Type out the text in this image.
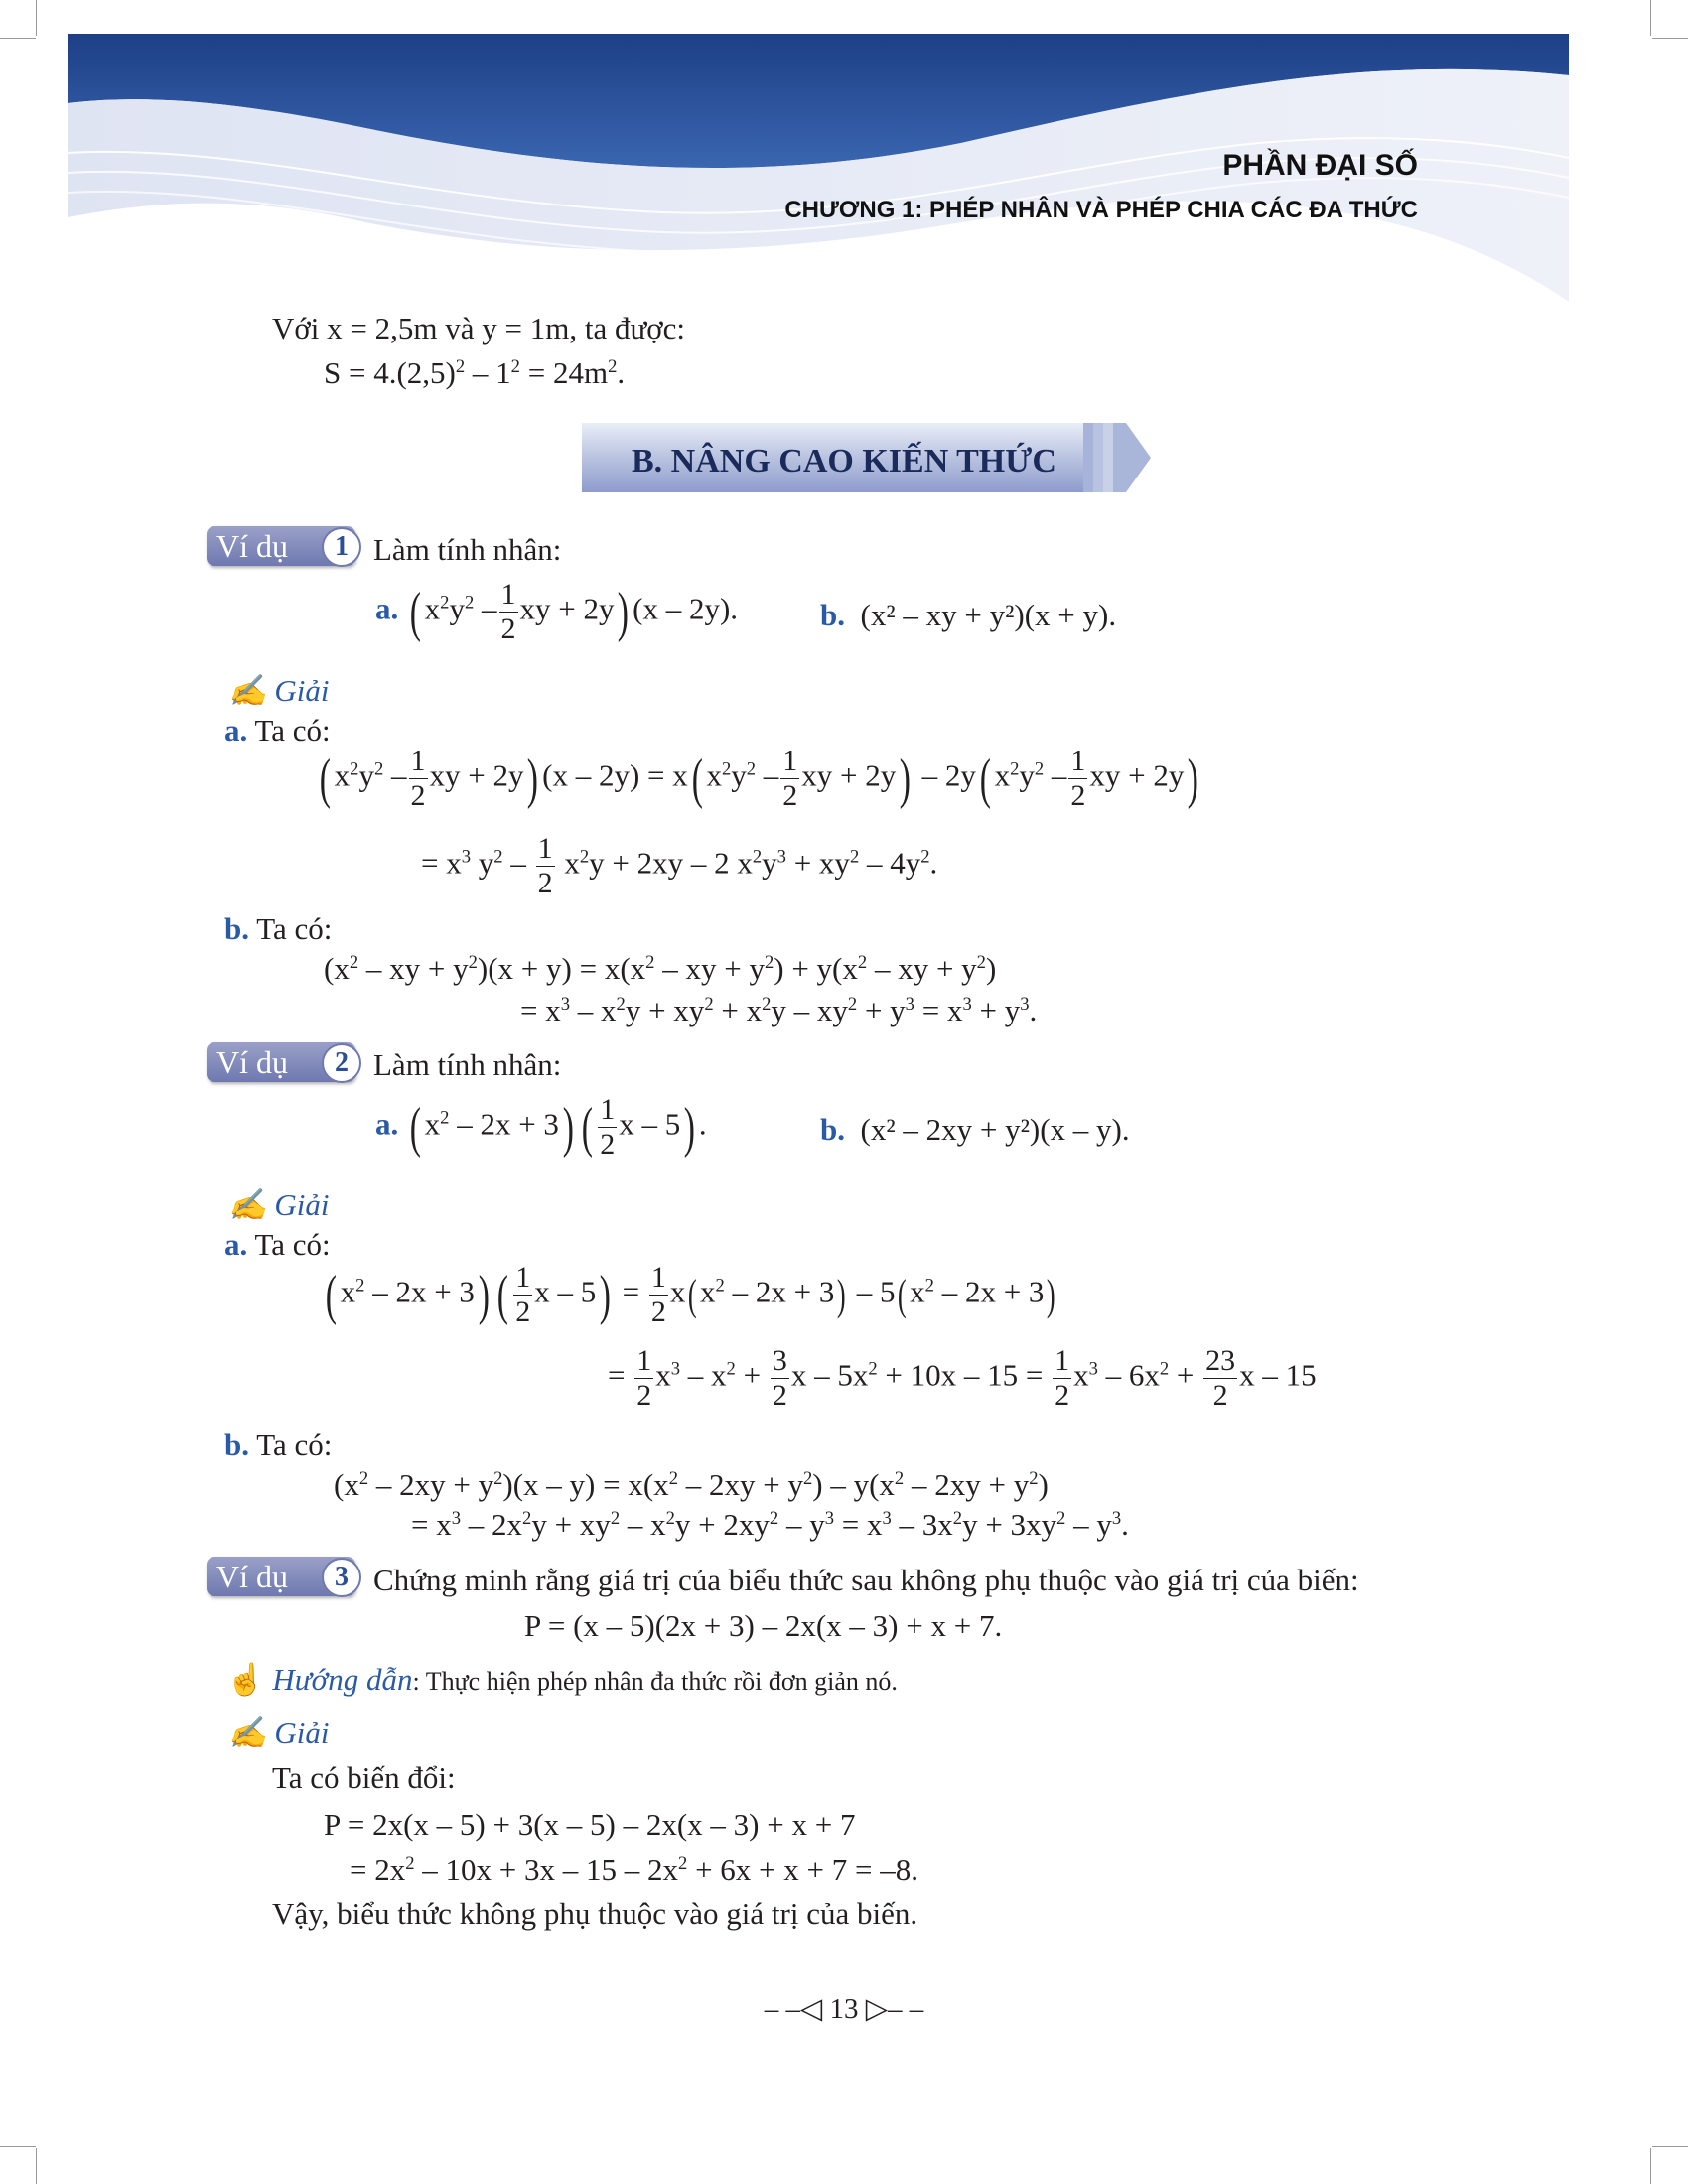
PHẦN ĐẠI SỐ
CHƯƠNG 1: PHÉP NHÂN VÀ PHÉP CHIA CÁC ĐA THỨC
Với x = 2,5m và y = 1m, ta được:
$S = 4.(2,5)^2 - 1^2 = 24m^2$.
B. NÂNG CAO KIẾN THỨC
Ví dụ	1 Làm tính nhân:
a. ( $x^2y^2 - \frac{1}{2}$ xy + 2y) (x – 2y).	b. (x² – xy + y²)(x + y).
✍ Giải
a. Ta có:
( $x^2y^2 - \frac{1}{2}$ xy + 2y) (x – 2y) = x( $x^2y^2 - \frac{1}{2}$ xy + 2y) – 2y( $x^2y^2 - \frac{1}{2}$ xy + 2y)
= $x^3$ $y^2 - \frac{1}{2} x^2y + 2xy - 2$ $x^2y^3 + xy^2 - 4y^2$.
b. Ta có:
($x^2$ – xy + $y^2)(x + y) = x(x^2$ – xy + $y^2) + y(x^2$ – xy + $y^2$)
= $x^3 - x^2y + xy^2 + x^2y - xy^2 + y^3 = x^3 + y^3$.
Ví dụ	2 Làm tính nhân:
a. ( $x^2 - 2x + 3$) ( $\frac{1}{2}$ x – 5) .	b. (x² – 2xy + y²)(x – y).
✍ Giải
a. Ta có:
( $x^2 - 2x + 3$) ( $\frac{1}{2}$ $x - 5) = \frac{1}{2} x(x^2 - 2x + 3) - 5(x^2 - 2x + 3)$
= $\frac{1}{2} x^3 - x^2 + \frac{3}{2}$ $x - 5x^2 + 10x - 15 = \frac{1}{2} x^3 - 6x^2 + \frac{23}{2}$ x – 15
b. Ta có:
$(x^2 - 2xy + y^2)(x - y) = x(x^2 - 2xy + y^2) - y(x^2 - 2xy + y^2)$
= $x^3 - 2x^2y + xy^2 - x^2y + 2xy^2 - y^3 = x^3 - 3x^2y + 3xy^2 - y^3$.
Ví dụ	3 Chứng minh rằng giá trị của biểu thức sau không phụ thuộc vào giá trị của biến:
P = (x – 5)(2x + 3) – 2x(x – 3) + x + 7.
☝ Hướng dẫn: Thực hiện phép nhân đa thức rồi đơn giản nó.
✍ Giải
Ta có biến đổi:
P = 2x(x – 5) + 3(x – 5) – 2x(x – 3) + x + 7
= $2x^2 - 10x + 3x - 15 - 2x^2 + 6x + x + 7 = -8$.
Vậy, biểu thức không phụ thuộc vào giá trị của biến.
– –◁ 13 ▷– –
